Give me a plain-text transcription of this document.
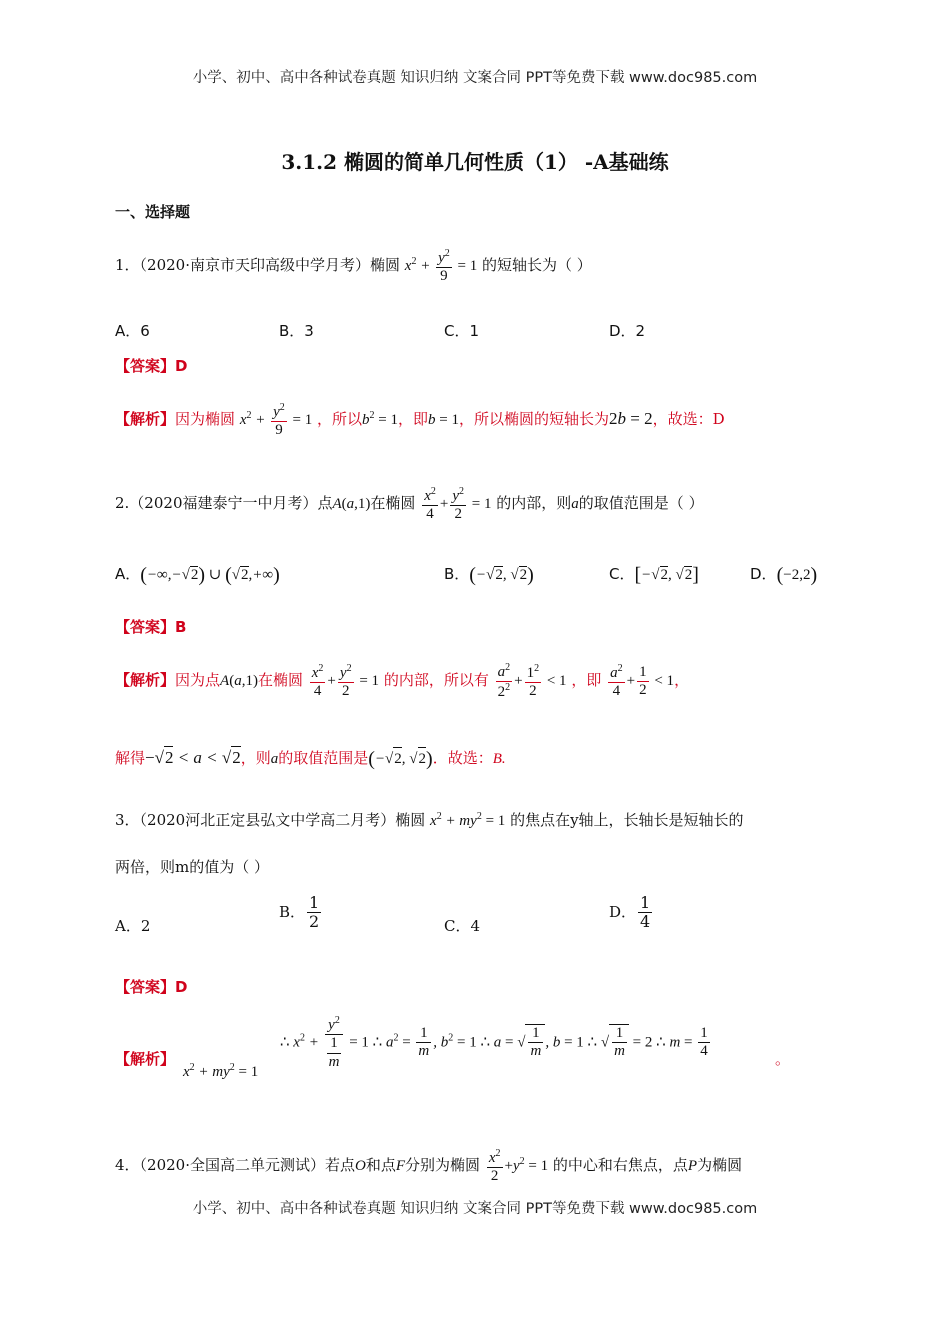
小学、初中、高中各种试卷真题 知识归纳 文案合同 PPT等免费下载 www.doc985.com
3.1.2 椭圆的简单几何性质（1） -A基础练
一、选择题
1．（2020·南京市天印高级中学月考）椭圆 $x^2 + \frac{y^2}{9} = 1$ 的短轴长为（ ）
A．6	B．3	C．1	D．2
【答案】D
【解析】因为椭圆 $x^2 + \frac{y^2}{9} = 1$ ，所以$b^2 = 1$，即b = 1，所以椭圆的短轴长为2b = 2，故选：D
2.（2020福建泰宁一中月考）点A(a,1)在椭圆 $\frac{x^2}{4} + \frac{y^2}{2} = 1$ 的内部，则a的取值范围是（ ）
A．(−∞,−√2) ∪ (√2,+∞)	B．(−√2, √2)	C．[−√2, √2]	D．(−2,2)
【答案】B
【解析】因为点A(a,1)在椭圆 $\frac{x^2}{4} + \frac{y^2}{2} = 1$ 的内部，所以有 $\frac{a^2}{2^2} + \frac{1^2}{2} < 1$ ，即 $\frac{a^2}{4} + \frac{1}{2} < 1$，
解得−√2 < a < √2，则a的取值范围是(−√2, √2)．故选：B.
3．（2020河北正定县弘文中学高二月考）椭圆 $x^2 + my^2 = 1$ 的焦点在y轴上，长轴长是短轴长的
两倍，则m的值为（ ）
A．2
B． $\frac{1}{2}$	C．4
D． $\frac{1}{4}$
【答案】D
【解析】
$x^2 + my^2 = 1$
∴ $x^2 + \frac{y^2}{\frac{1}{m}} = 1$ ∴ $a^2 = \frac{1}{m}$ , $b^2 = 1$ ∴ a = √ $\frac{1}{m}$ , b = 1 ∴ √ $\frac{1}{m} = 2$ ∴ $m = \frac{1}{4}$	。
4．（2020·全国高二单元测试）若点O和点F分别为椭圆 $\frac{x^2}{2} +y^2 = 1$ 的中心和右焦点，点P为椭圆
小学、初中、高中各种试卷真题 知识归纳 文案合同 PPT等免费下载 www.doc985.com
